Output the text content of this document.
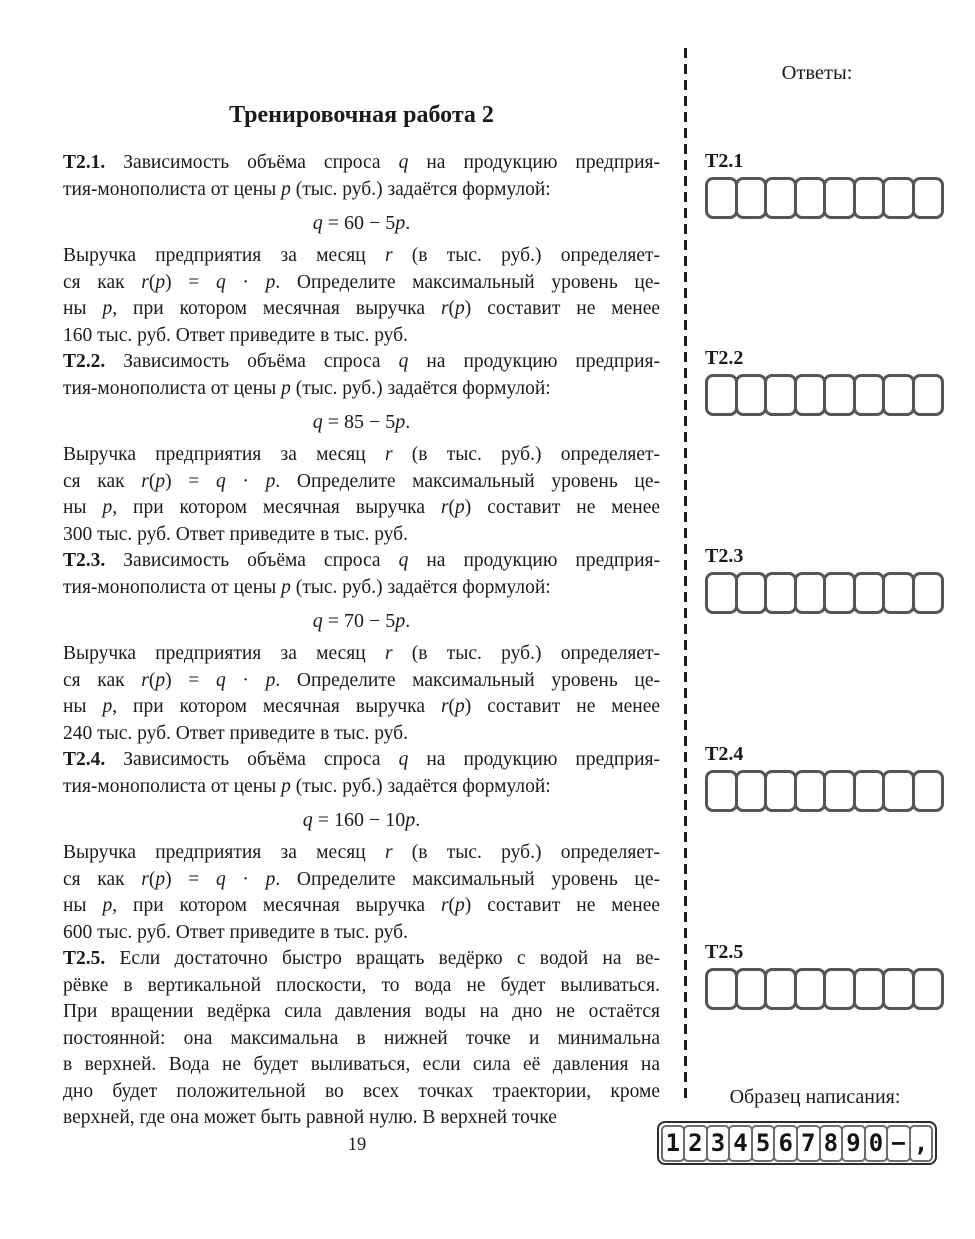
Тренировочная работа 2
Т2.1. Зависимость объёма спроса q на продукцию предприя-
тия-монополиста от цены p (тыс. руб.) задаётся формулой:
q = 60 − 5p.
Выручка предприятия за месяц r (в тыс. руб.) определяет-
ся как r(p) = q · p. Определите максимальный уровень це-
ны p, при котором месячная выручка r(p) составит не менее
160 тыс. руб. Ответ приведите в тыс. руб.
Т2.2. Зависимость объёма спроса q на продукцию предприя-
тия-монополиста от цены p (тыс. руб.) задаётся формулой:
q = 85 − 5p.
Выручка предприятия за месяц r (в тыс. руб.) определяет-
ся как r(p) = q · p. Определите максимальный уровень це-
ны p, при котором месячная выручка r(p) составит не менее
300 тыс. руб. Ответ приведите в тыс. руб.
Т2.3. Зависимость объёма спроса q на продукцию предприя-
тия-монополиста от цены p (тыс. руб.) задаётся формулой:
q = 70 − 5p.
Выручка предприятия за месяц r (в тыс. руб.) определяет-
ся как r(p) = q · p. Определите максимальный уровень це-
ны p, при котором месячная выручка r(p) составит не менее
240 тыс. руб. Ответ приведите в тыс. руб.
Т2.4. Зависимость объёма спроса q на продукцию предприя-
тия-монополиста от цены p (тыс. руб.) задаётся формулой:
q = 160 − 10p.
Выручка предприятия за месяц r (в тыс. руб.) определяет-
ся как r(p) = q · p. Определите максимальный уровень це-
ны p, при котором месячная выручка r(p) составит не менее
600 тыс. руб. Ответ приведите в тыс. руб.
Т2.5. Если достаточно быстро вращать ведёрко с водой на ве-
рёвке в вертикальной плоскости, то вода не будет выливаться.
При вращении ведёрка сила давления воды на дно не остаётся
постоянной: она максимальна в нижней точке и минимальна
в верхней. Вода не будет выливаться, если сила её давления на
дно будет положительной во всех точках траектории, кроме
верхней, где она может быть равной нулю. В верхней точке
Ответы:
Образец написания:
1 2 3 4 5 6 7 8 9 0 − ,
19
Т2.1
Т2.2
Т2.3
Т2.4
Т2.5
